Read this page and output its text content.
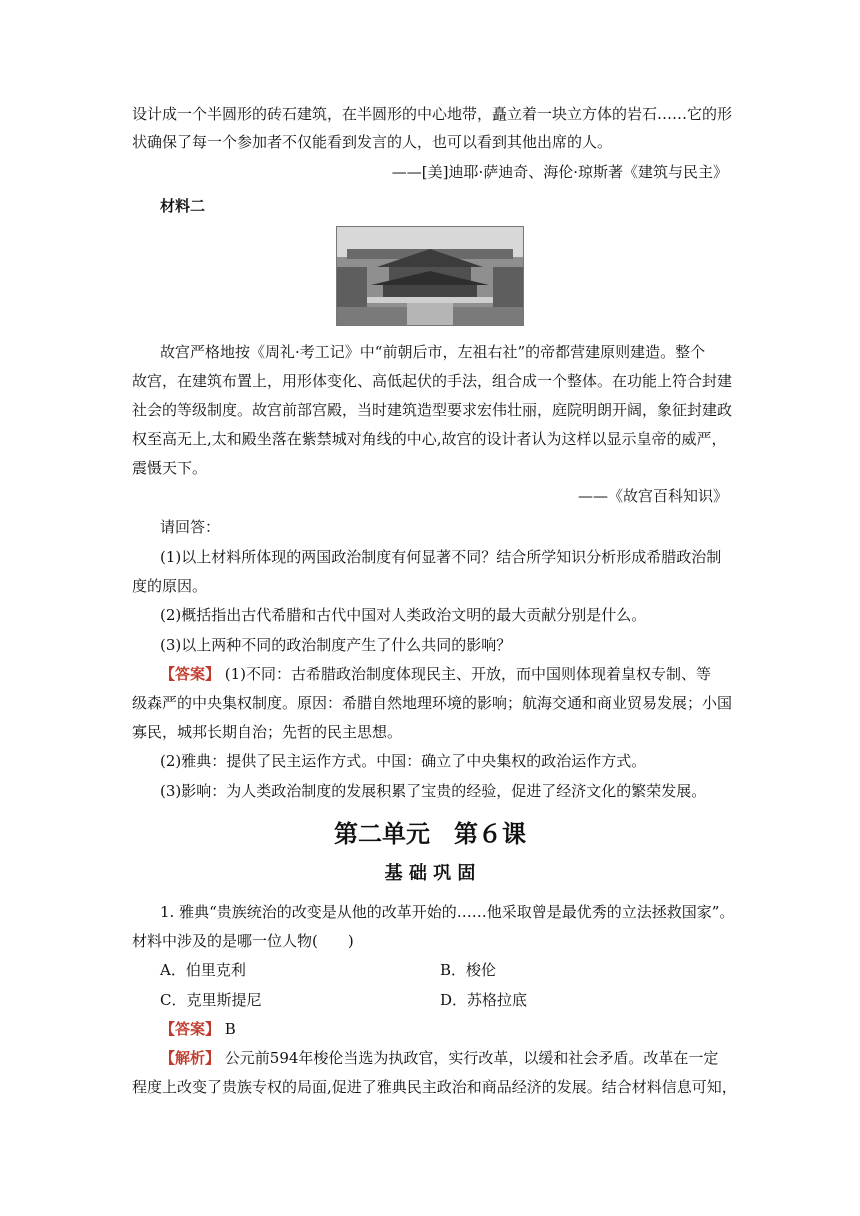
设计成一个半圆形的砖石建筑，在半圆形的中心地带，矗立着一块立方体的岩石……它的形
状确保了每一个参加者不仅能看到发言的人，也可以看到其他出席的人。
——[美]迪耶·萨迪奇、海伦·琼斯著《建筑与民主》
材料二
故宫严格地按《周礼·考工记》中“前朝后市，左祖右社”的帝都营建原则建造。整个
故宫，在建筑布置上，用形体变化、高低起伏的手法，组合成一个整体。在功能上符合封建
社会的等级制度。故宫前部宫殿，当时建筑造型要求宏伟壮丽，庭院明朗开阔，象征封建政
权至高无上,太和殿坐落在紫禁城对角线的中心,故宫的设计者认为这样以显示皇帝的威严，
震慑天下。
——《故宫百科知识》
请回答：
(1)以上材料所体现的两国政治制度有何显著不同？结合所学知识分析形成希腊政治制
度的原因。
(2)概括指出古代希腊和古代中国对人类政治文明的最大贡献分别是什么。
(3)以上两种不同的政治制度产生了什么共同的影响？
【答案】 (1)不同：古希腊政治制度体现民主、开放，而中国则体现着皇权专制、等
级森严的中央集权制度。原因：希腊自然地理环境的影响；航海交通和商业贸易发展；小国
寡民，城邦长期自治；先哲的民主思想。
(2)雅典：提供了民主运作方式。中国：确立了中央集权的政治运作方式。
(3)影响：为人类政治制度的发展积累了宝贵的经验，促进了经济文化的繁荣发展。
第二单元　第６课
基 础 巩 固
1. 雅典“贵族统治的改变是从他的改革开始的……他采取曾是最优秀的立法拯救国家”。
材料中涉及的是哪一位人物(　　)
A．伯里克利	B．梭伦
C．克里斯提尼	D．苏格拉底
【答案】 B
【解析】 公元前594年梭伦当选为执政官，实行改革，以缓和社会矛盾。改革在一定
程度上改变了贵族专权的局面,促进了雅典民主政治和商品经济的发展。结合材料信息可知，
